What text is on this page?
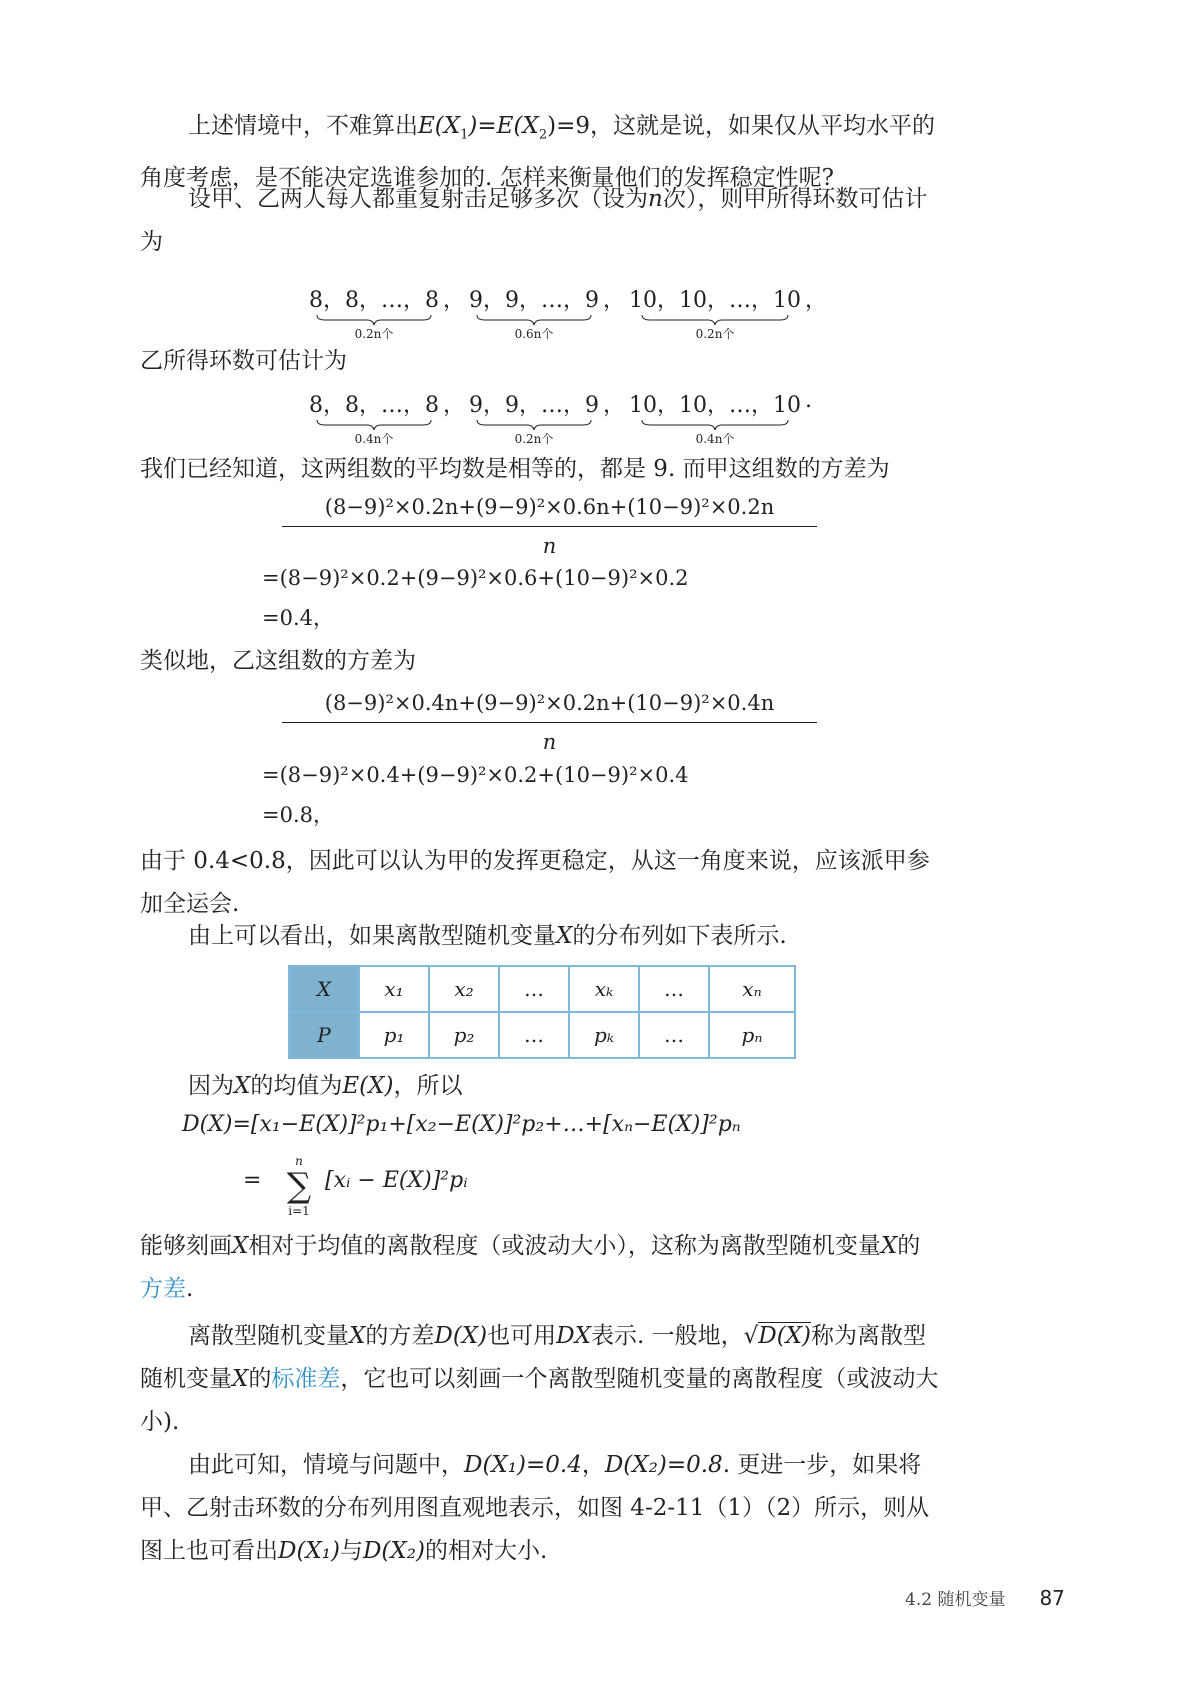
上述情境中，不难算出$E(X_1)=E(X_2)=9$，这就是说，如果仅从平均水平的角度考虑，是不能决定选谁参加的. 怎样来衡量他们的发挥稳定性呢?

设甲、乙两人每人都重复射击足够多次（设为n次），则甲所得环数可估计为

8，8，…，8
0.2n个
， 9，9，…，9
0.6n个
， 10，10，…，10
0.2n个
，

乙所得环数可估计为

8，8，…，8
0.4n个
， 9，9，…，9
0.2n个
， 10，10，…，10
0.4n个
.

我们已经知道，这两组数的平均数是相等的，都是 9. 而甲这组数的方差为

(8−9)²×0.2n+(9−9)²×0.6n+(10−9)²×0.2n
n
=(8−9)²×0.2+(9−9)²×0.6+(10−9)²×0.2
=0.4，

类似地，乙这组数的方差为

(8−9)²×0.4n+(9−9)²×0.2n+(10−9)²×0.4n
n
=(8−9)²×0.4+(9−9)²×0.2+(10−9)²×0.4
=0.8，

由于 0.4<0.8，因此可以认为甲的发挥更稳定，从这一角度来说，应该派甲参加全运会.

由上可以看出，如果离散型随机变量X的分布列如下表所示.

X	x₁	x₂	…	xₖ	…	xₙ
P	p₁	p₂	…	pₖ	…	pₙ

因为X的均值为E(X)，所以

D(X)=[x₁−E(X)]²p₁+[x₂−E(X)]²p₂+…+[xₙ−E(X)]²pₙ
=
n
∑
i=1
[xᵢ − E(X)]²pᵢ

能够刻画X相对于均值的离散程度（或波动大小），这称为离散型随机变量X的方差.

离散型随机变量X的方差D(X)也可用DX表示. 一般地，√D(X)称为离散型随机变量X的标准差，它也可以刻画一个离散型随机变量的离散程度（或波动大小).

由此可知，情境与问题中，D(X₁)=0.4，D(X₂)=0.8. 更进一步，如果将甲、乙射击环数的分布列用图直观地表示，如图 4-2-11（1）（2）所示，则从图上也可看出D(X₁)与D(X₂)的相对大小.

4.2 随机变量 87
